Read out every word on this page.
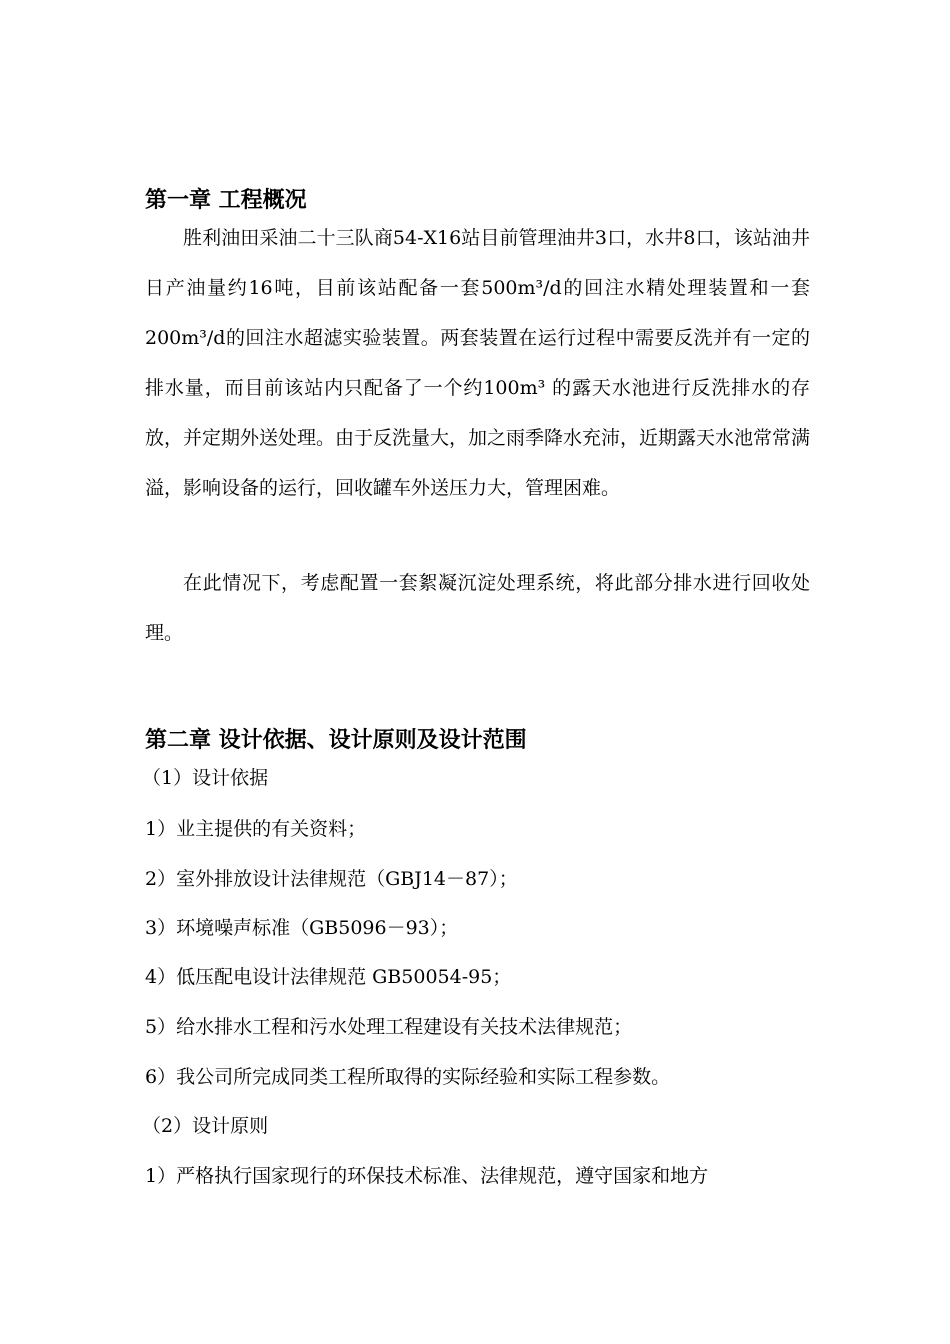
第一章 工程概况

胜利油田采油二十三队商54-X16站目前管理油井3口，水井8口，该站油井日产油量约16吨，目前该站配备一套500m³/d的回注水精处理装置和一套200m³/d的回注水超滤实验装置。两套装置在运行过程中需要反洗并有一定的排水量，而目前该站内只配备了一个约100m³ 的露天水池进行反洗排水的存放，并定期外送处理。由于反洗量大，加之雨季降水充沛，近期露天水池常常满溢，影响设备的运行，回收罐车外送压力大，管理困难。

在此情况下，考虑配置一套絮凝沉淀处理系统，将此部分排水进行回收处理。

第二章 设计依据、设计原则及设计范围

（1）设计依据

1）业主提供的有关资料；

2）室外排放设计法律规范（GBJ14－87）；

3）环境噪声标准（GB5096－93）；

4）低压配电设计法律规范 GB50054-95；

5）给水排水工程和污水处理工程建设有关技术法律规范；

6）我公司所完成同类工程所取得的实际经验和实际工程参数。

（2）设计原则

1）严格执行国家现行的环保技术标准、法律规范，遵守国家和地方
